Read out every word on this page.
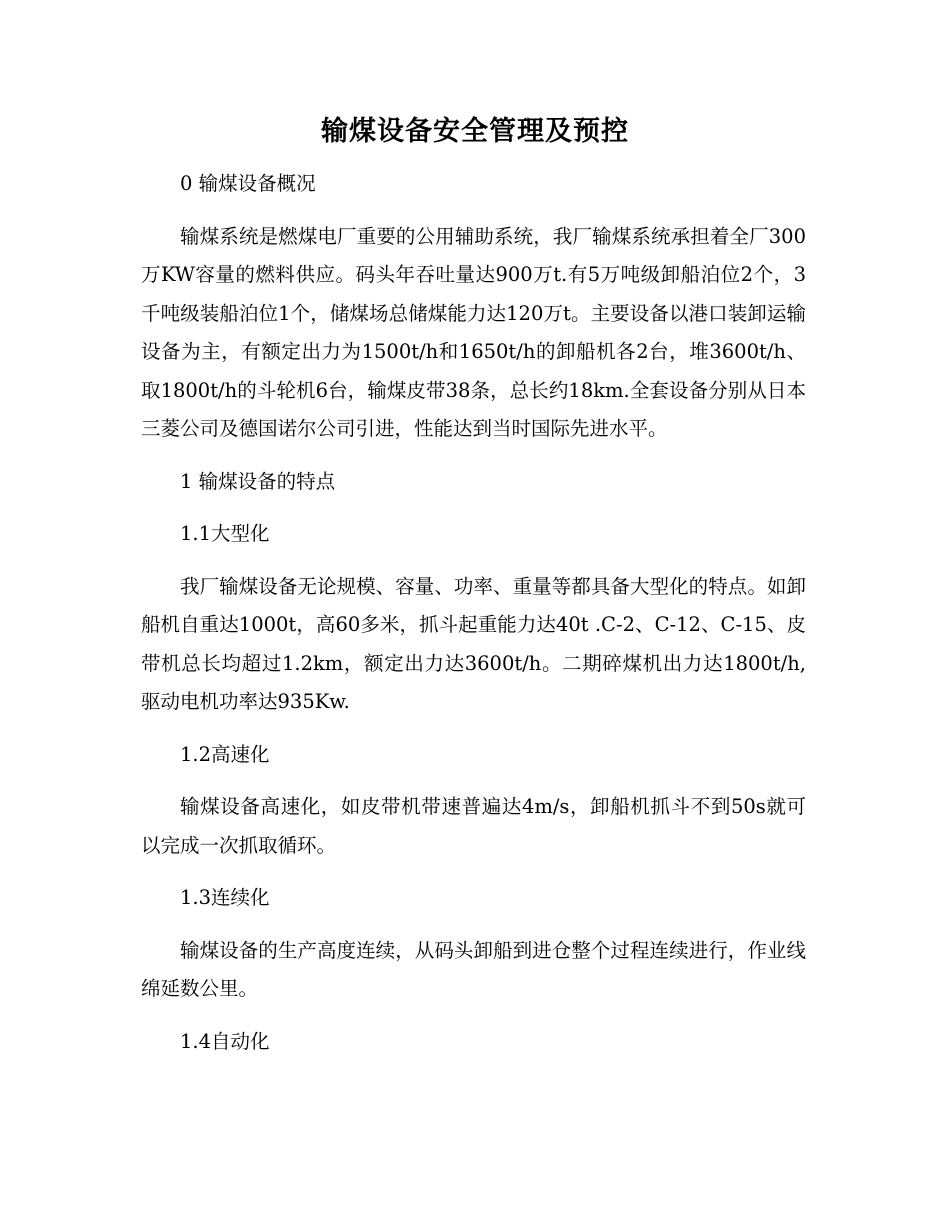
输煤设备安全管理及预控

0 输煤设备概况

输煤系统是燃煤电厂重要的公用辅助系统，我厂输煤系统承担着全厂300万KW容量的燃料供应。码头年吞吐量达900万t.有5万吨级卸船泊位2个，3千吨级装船泊位1个，储煤场总储煤能力达120万t。主要设备以港口装卸运输设备为主，有额定出力为1500t/h和1650t/h的卸船机各2台，堆3600t/h、取1800t/h的斗轮机6台，输煤皮带38条，总长约18km.全套设备分别从日本三菱公司及德国诺尔公司引进，性能达到当时国际先进水平。

1 输煤设备的特点

1.1大型化

我厂输煤设备无论规模、容量、功率、重量等都具备大型化的特点。如卸船机自重达1000t，高60多米，抓斗起重能力达40t .C-2、C-12、C-15、皮带机总长均超过1.2km，额定出力达3600t/h。二期碎煤机出力达1800t/h,驱动电机功率达935Kw.

1.2高速化

输煤设备高速化，如皮带机带速普遍达4m/s，卸船机抓斗不到50s就可以完成一次抓取循环。

1.3连续化

输煤设备的生产高度连续，从码头卸船到进仓整个过程连续进行，作业线绵延数公里。

1.4自动化
